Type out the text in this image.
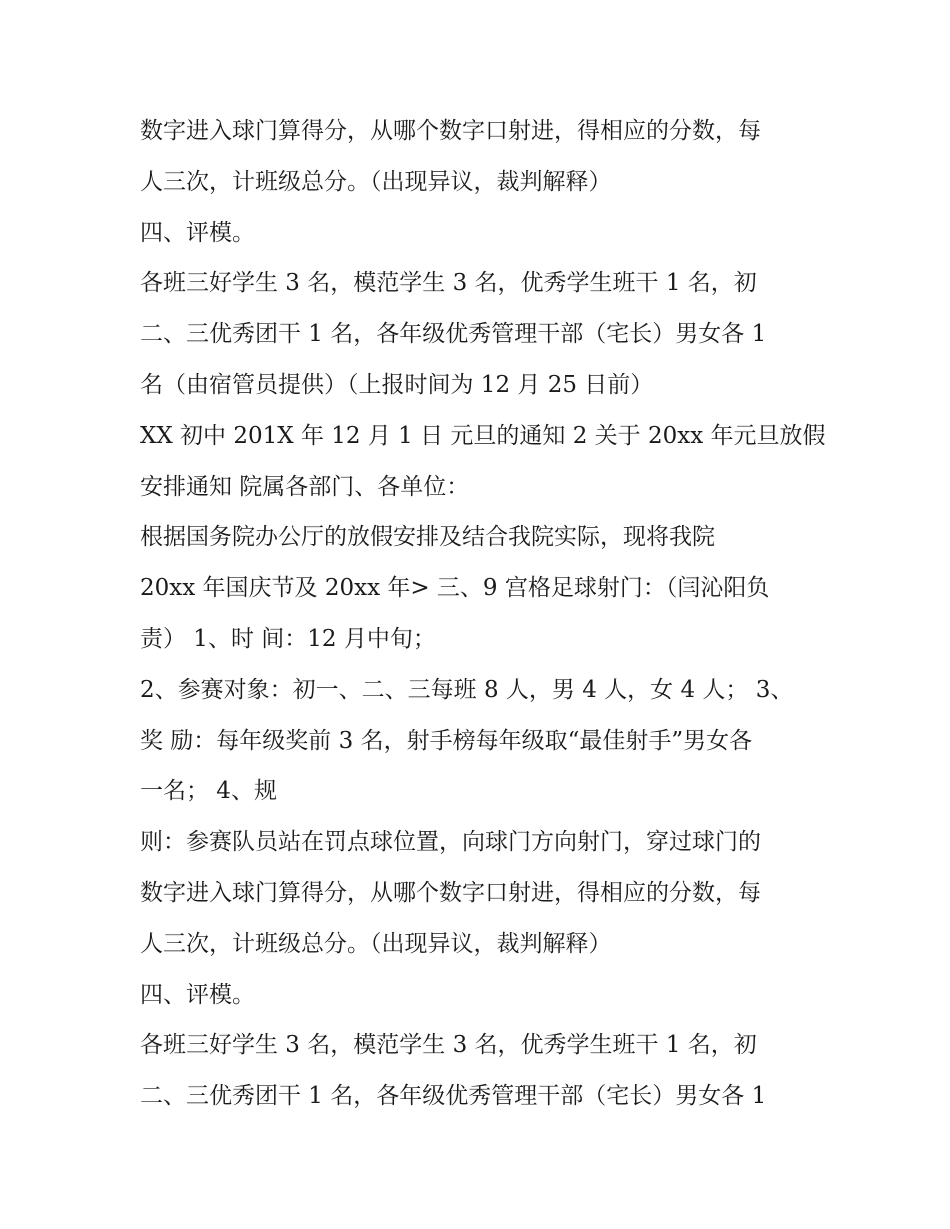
数字进入球门算得分，从哪个数字口射进，得相应的分数，每
人三次，计班级总分。（出现异议，裁判解释）
四、评模。
各班三好学生 3 名，模范学生 3 名，优秀学生班干 1 名，初
二、三优秀团干 1 名，各年级优秀管理干部（宅长）男女各 1
名（由宿管员提供）（上报时间为 12 月 25 日前）
XX 初中 201X 年 12 月 1 日 元旦的通知 2 关于 20xx 年元旦放假
安排通知 院属各部门、各单位：
根据国务院办公厅的放假安排及结合我院实际，现将我院
20xx 年国庆节及 20xx 年> 三、9 宫格足球射门：（闫沁阳负
责） 1、时 间：12 月中旬；
2、参赛对象：初一、二、三每班 8 人，男 4 人，女 4 人； 3、
奖 励：每年级奖前 3 名，射手榜每年级取“最佳射手”男女各
一名； 4、规
则：参赛队员站在罚点球位置，向球门方向射门，穿过球门的
数字进入球门算得分，从哪个数字口射进，得相应的分数，每
人三次，计班级总分。（出现异议，裁判解释）
四、评模。
各班三好学生 3 名，模范学生 3 名，优秀学生班干 1 名，初
二、三优秀团干 1 名，各年级优秀管理干部（宅长）男女各 1
